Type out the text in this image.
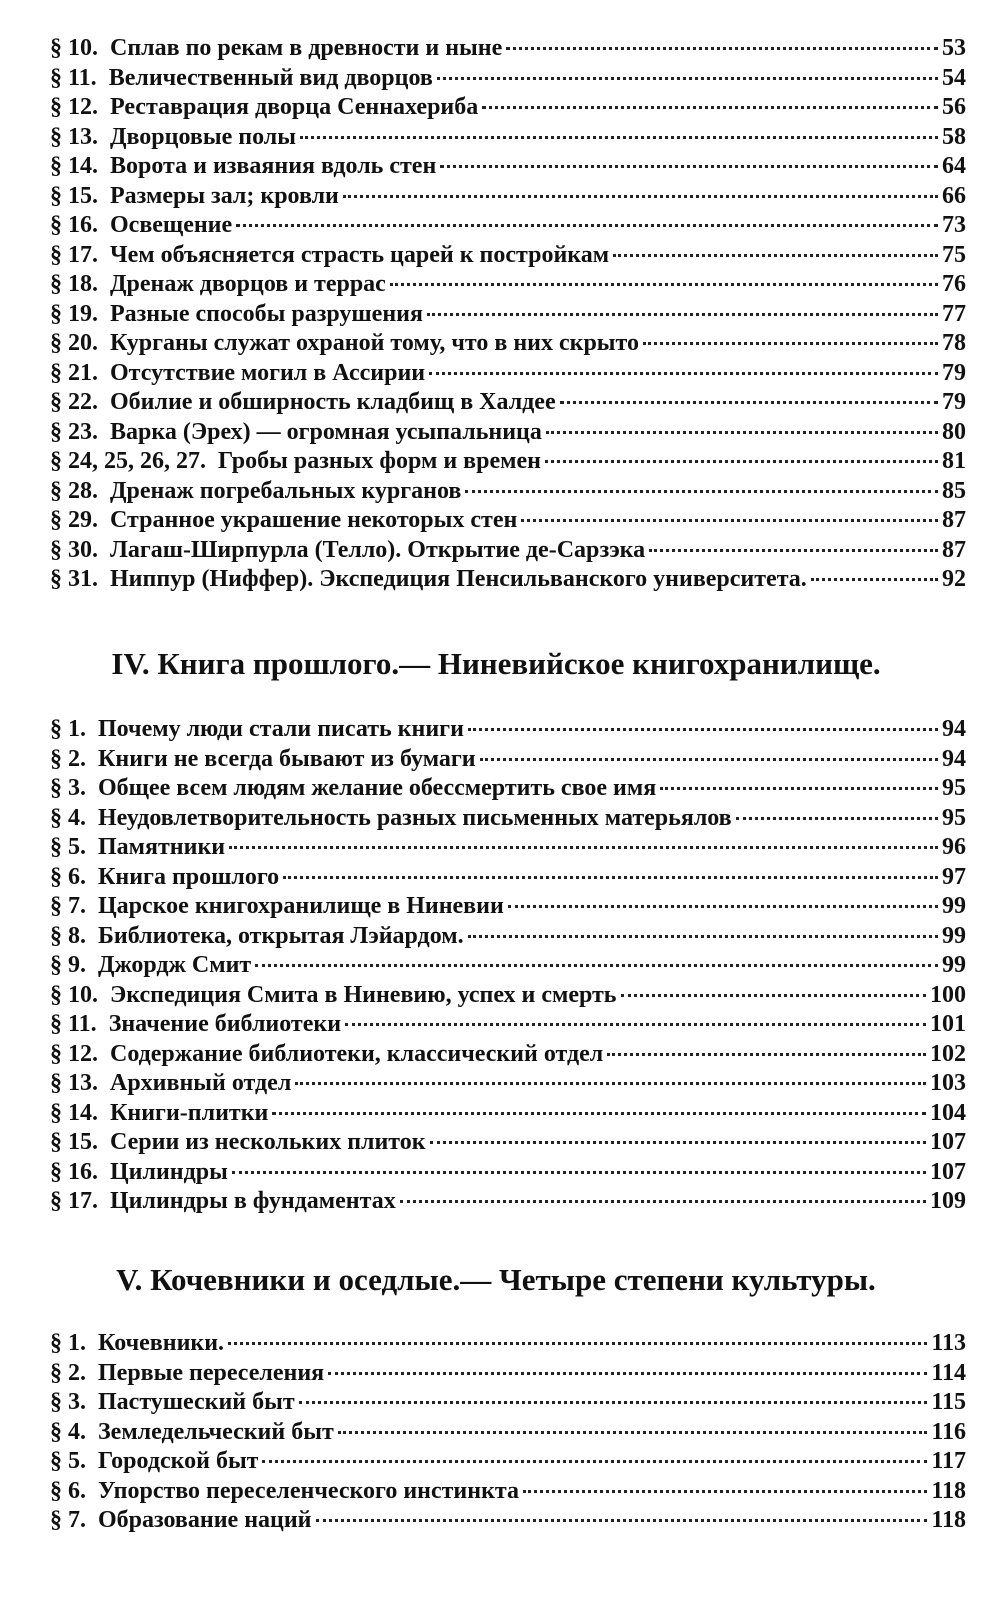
§ 10.
Сплав по рекам в древности и ныне	53
§ 11.
Величественный вид дворцов	54
§ 12.
Реставрация дворца Сеннахериба	56
§ 13.
Дворцовые полы	58
§ 14.
Ворота и изваяния вдоль стен	64
§ 15.
Размеры зал; кровли	66
§ 16.
Освещение	73
§ 17.
Чем объясняется страсть царей к постройкам	75
§ 18.
Дренаж дворцов и террас	76
§ 19.
Разные способы разрушения	77
§ 20.
Курганы служат охраной тому, что в них скрыто	78
§ 21.
Отсутствие могил в Ассирии	79
§ 22.
Обилие и обширность кладбищ в Халдее	79
§ 23.
Варка (Эрех) — огромная усыпальница	80
§ 24, 25, 26, 27.
Гробы разных форм и времен	81
§ 28.
Дренаж погребальных курганов	85
§ 29.
Странное украшение некоторых стен	87
§ 30.
Лагаш-Ширпурла (Телло). Открытие де-Сарзэка	87
§ 31.
Ниппур (Ниффер). Экспедиция Пенсильванского университета.	92
IV. Книга прошлого.— Ниневийское книгохранилище.
§ 1.
Почему люди стали писать книги	94
§ 2.
Книги не всегда бывают из бумаги	94
§ 3.
Общее всем людям желание обессмертить свое имя	95
§ 4.
Неудовлетворительность разных письменных матерьялов	95
§ 5.
Памятники	96
§ 6.
Книга прошлого	97
§ 7.
Царское книгохранилище в Ниневии	99
§ 8.
Библиотека, открытая Лэйардом.	99
§ 9.
Джордж Смит	99
§ 10.
Экспедиция Смита в Ниневию, успех и смерть	100
§ 11.
Значение библиотеки	101
§ 12.
Содержание библиотеки, классический отдел	102
§ 13.
Архивный отдел	103
§ 14.
Книги-плитки	104
§ 15.
Серии из нескольких плиток	107
§ 16.
Цилиндры	107
§ 17.
Цилиндры в фундаментах	109
V. Кочевники и оседлые.— Четыре степени культуры.
§ 1.
Кочевники.	113
§ 2.
Первые переселения	114
§ 3.
Пастушеский быт	115
§ 4.
Земледельческий быт	116
§ 5.
Городской быт	117
§ 6.
Упорство переселенческого инстинкта	118
§ 7.
Образование наций	118
